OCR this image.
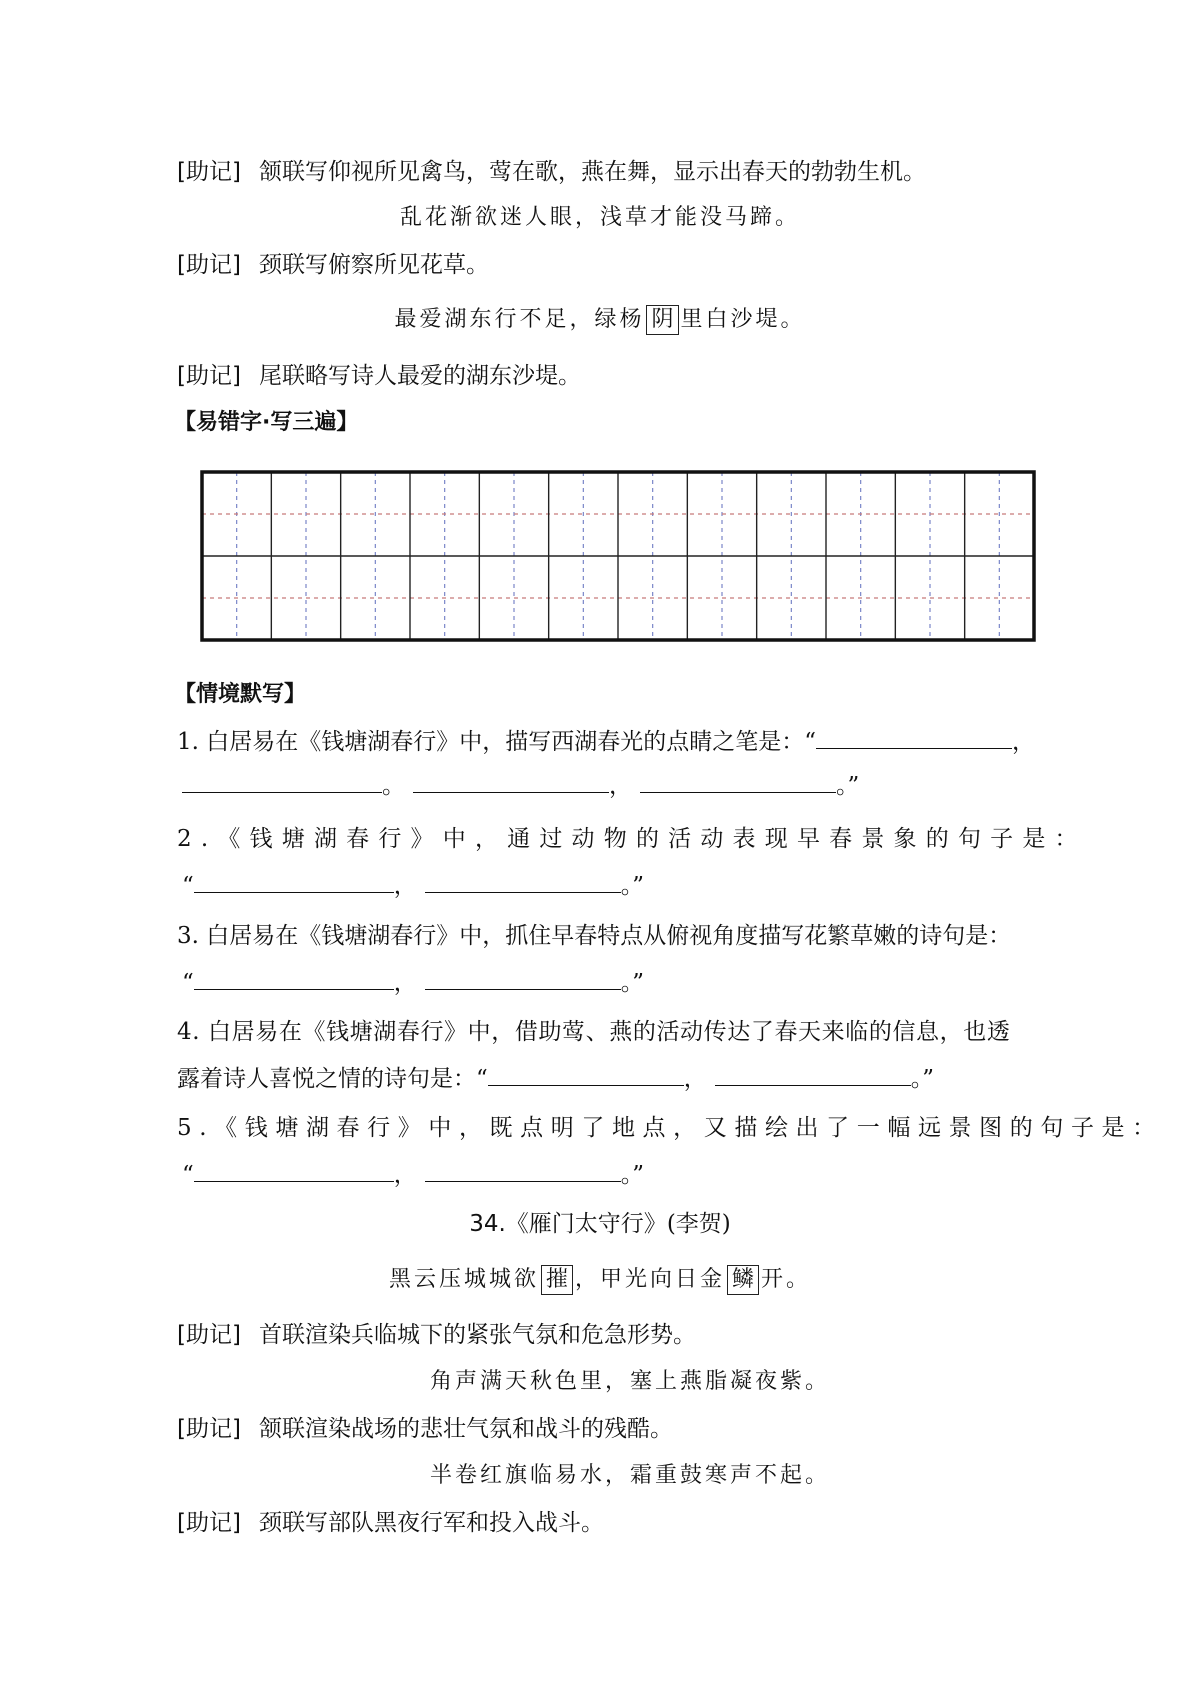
[助记] 颔联写仰视所见禽鸟，莺在歌，燕在舞，显示出春天的勃勃生机。
乱花渐欲迷人眼，浅草才能没马蹄。
[助记] 颈联写俯察所见花草。
最爱湖东行不足，绿杨 阴 里白沙堤。
[助记] 尾联略写诗人最爱的湖东沙堤。
【易错字·写三遍】
【情境默写】
1. 白居易在《钱塘湖春行》中，描写西湖春光的点睛之笔是：“	，
。	，	。”
2.《钱塘湖春行》中，通过动物的活动表现早春景象的句子是：
“	，	。”
3. 白居易在《钱塘湖春行》中，抓住早春特点从俯视角度描写花繁草嫩的诗句是：
“	，	。”
4. 白居易在《钱塘湖春行》中，借助莺、燕的活动传达了春天来临的信息，也透
露着诗人喜悦之情的诗句是：“	，	。”
5.《钱塘湖春行》中，既点明了地点，又描绘出了一幅远景图的句子是：
“	，	。”
34.《雁门太守行》(李贺)
黑云压城城欲 摧 ，甲光向日金 鳞 开。
[助记] 首联渲染兵临城下的紧张气氛和危急形势。
角声满天秋色里，塞上燕脂凝夜紫。
[助记] 颔联渲染战场的悲壮气氛和战斗的残酷。
半卷红旗临易水，霜重鼓寒声不起。
[助记] 颈联写部队黑夜行军和投入战斗。
